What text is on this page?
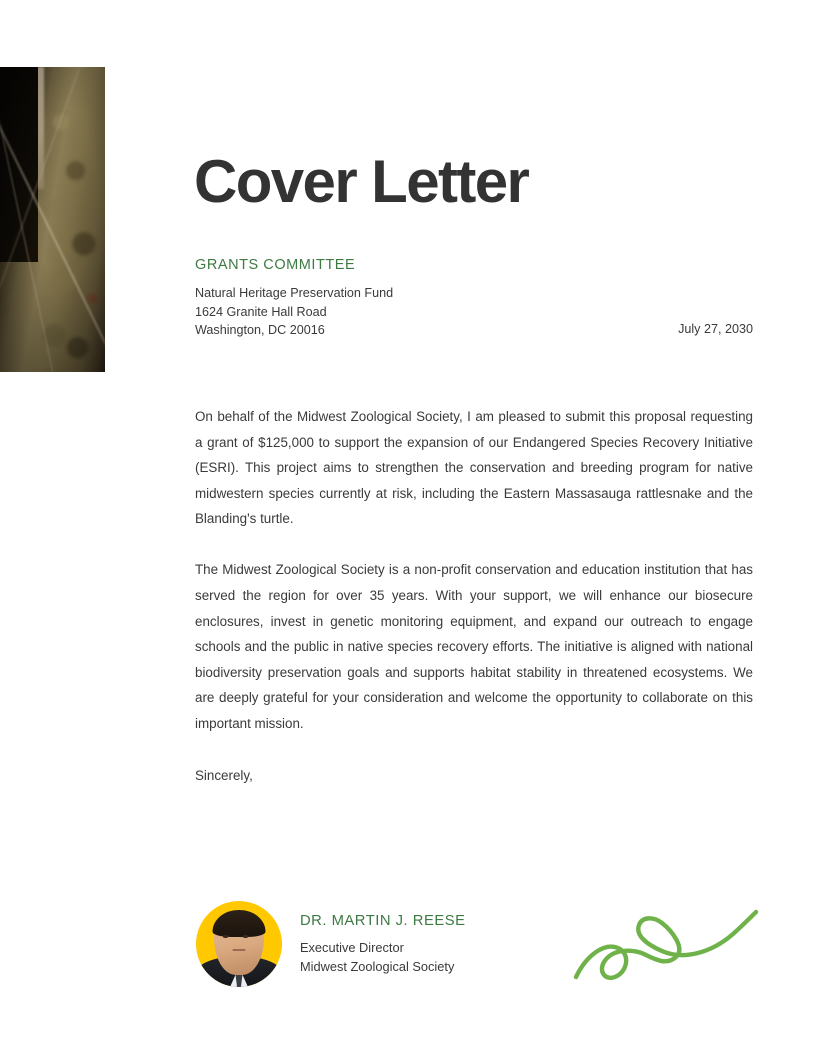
Cover Letter
GRANTS COMMITTEE
Natural Heritage Preservation Fund
1624 Granite Hall Road
Washington, DC 20016	July 27, 2030

On behalf of the Midwest Zoological Society, I am pleased to submit this proposal requesting a grant of $125,000 to support the expansion of our Endangered Species Recovery Initiative (ESRI). This project aims to strengthen the conservation and breeding program for native midwestern species currently at risk, including the Eastern Massasauga rattlesnake and the Blanding's turtle.

The Midwest Zoological Society is a non-profit conservation and education institution that has served the region for over 35 years. With your support, we will enhance our biosecure enclosures, invest in genetic monitoring equipment, and expand our outreach to engage schools and the public in native species recovery efforts. The initiative is aligned with national biodiversity preservation goals and supports habitat stability in threatened ecosystems. We are deeply grateful for your consideration and welcome the opportunity to collaborate on this important mission.

Sincerely,

DR. MARTIN J. REESE
Executive Director
Midwest Zoological Society
